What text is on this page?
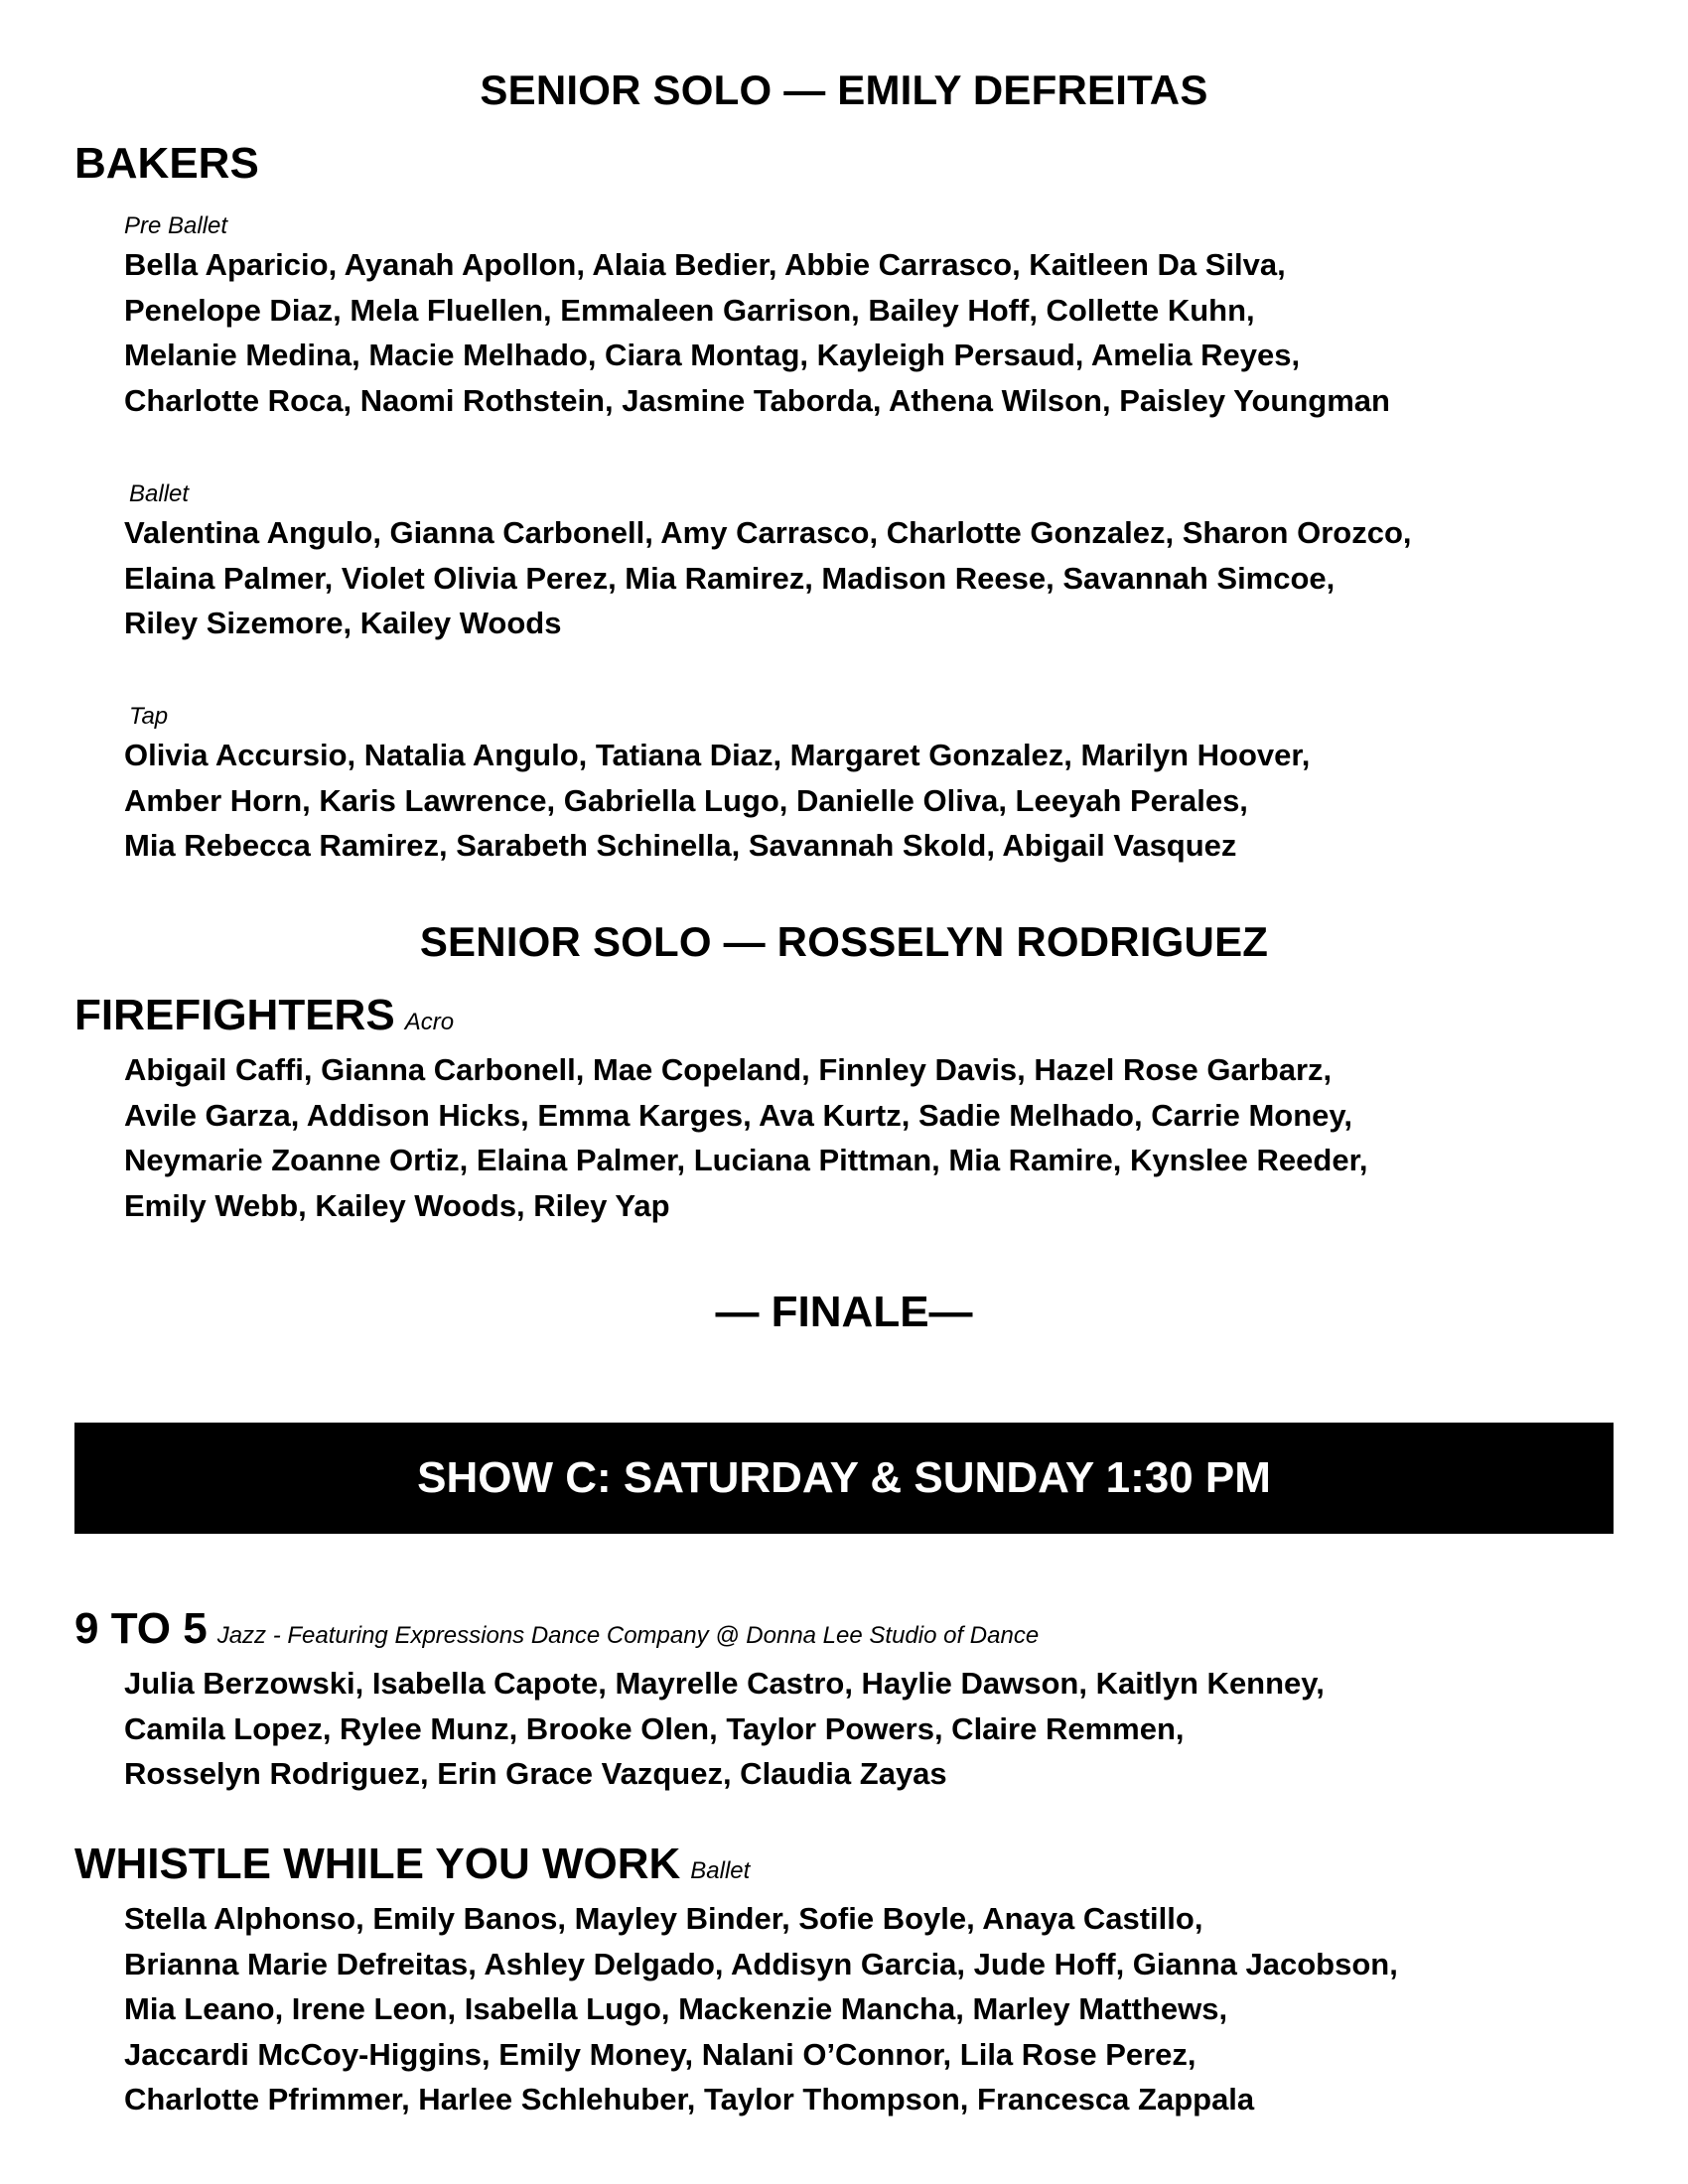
SENIOR SOLO — EMILY DEFREITAS
BAKERS
Pre Ballet
Bella Aparicio, Ayanah Apollon, Alaia Bedier, Abbie Carrasco, Kaitleen Da Silva,
Penelope Diaz, Mela Fluellen, Emmaleen Garrison, Bailey Hoff, Collette Kuhn,
Melanie Medina, Macie Melhado, Ciara Montag, Kayleigh Persaud, Amelia Reyes,
Charlotte Roca, Naomi Rothstein, Jasmine Taborda, Athena Wilson, Paisley Youngman
Ballet
Valentina Angulo, Gianna Carbonell, Amy Carrasco, Charlotte Gonzalez, Sharon Orozco,
Elaina Palmer, Violet Olivia Perez, Mia Ramirez, Madison Reese, Savannah Simcoe,
Riley Sizemore, Kailey Woods
Tap
Olivia Accursio, Natalia Angulo, Tatiana Diaz, Margaret Gonzalez, Marilyn Hoover,
Amber Horn, Karis Lawrence, Gabriella Lugo, Danielle Oliva, Leeyah Perales,
Mia Rebecca Ramirez, Sarabeth Schinella, Savannah Skold, Abigail Vasquez
SENIOR SOLO — ROSSELYN RODRIGUEZ
FIREFIGHTERS Acro
Abigail Caffi, Gianna Carbonell, Mae Copeland, Finnley Davis, Hazel Rose Garbarz,
Avile Garza, Addison Hicks, Emma Karges, Ava Kurtz, Sadie Melhado, Carrie Money,
Neymarie Zoanne Ortiz, Elaina Palmer, Luciana Pittman, Mia Ramire, Kynslee Reeder,
Emily Webb, Kailey Woods, Riley Yap
— FINALE—
SHOW C: SATURDAY & SUNDAY 1:30 PM
9 TO 5 Jazz - Featuring Expressions Dance Company @ Donna Lee Studio of Dance
Julia Berzowski, Isabella Capote, Mayrelle Castro, Haylie Dawson, Kaitlyn Kenney,
Camila Lopez, Rylee Munz, Brooke Olen, Taylor Powers, Claire Remmen,
Rosselyn Rodriguez, Erin Grace Vazquez, Claudia Zayas
WHISTLE WHILE YOU WORK Ballet
Stella Alphonso, Emily Banos, Mayley Binder, Sofie Boyle, Anaya Castillo,
Brianna Marie Defreitas, Ashley Delgado, Addisyn Garcia, Jude Hoff, Gianna Jacobson,
Mia Leano, Irene Leon, Isabella Lugo, Mackenzie Mancha, Marley Matthews,
Jaccardi McCoy-Higgins, Emily Money, Nalani O’Connor, Lila Rose Perez,
Charlotte Pfrimmer, Harlee Schlehuber, Taylor Thompson, Francesca Zappala
